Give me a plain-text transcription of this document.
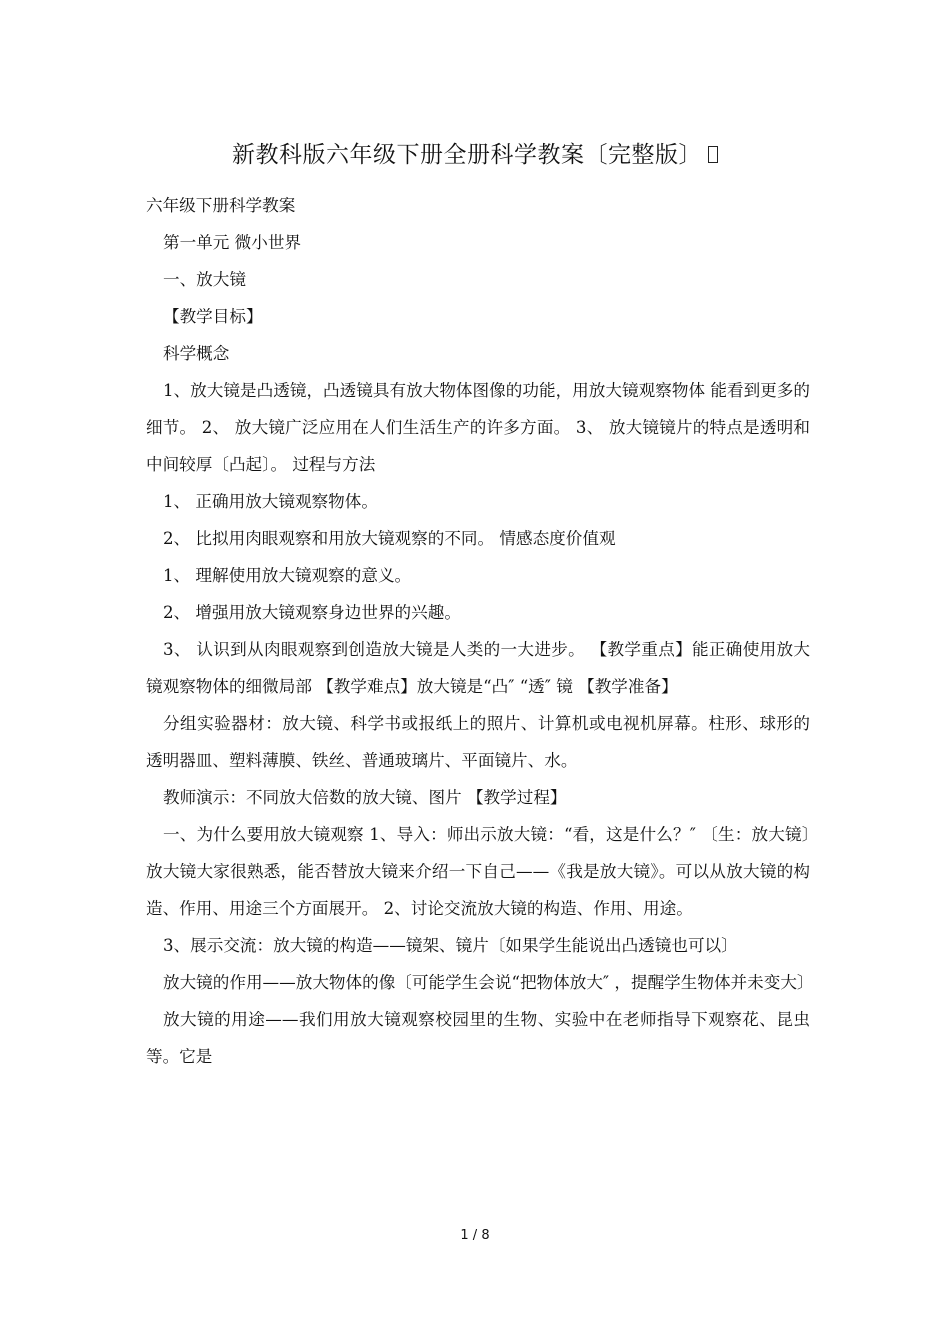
新教科版六年级下册全册科学教案〔完整版〕

六年级下册科学教案

第一单元 微小世界

一、放大镜

【教学目标】

科学概念

1、放大镜是凸透镜，凸透镜具有放大物体图像的功能，用放大镜观察物体 能看到更多的细节。 2、 放大镜广泛应用在人们生活生产的许多方面。 3、 放大镜镜片的特点是透明和中间较厚〔凸起〕。 过程与方法

1、 正确用放大镜观察物体。

2、 比拟用肉眼观察和用放大镜观察的不同。 情感态度价值观

1、 理解使用放大镜观察的意义。

2、 增强用放大镜观察身边世界的兴趣。

3、 认识到从肉眼观察到创造放大镜是人类的一大进步。 【教学重点】能正确使用放大镜观察物体的细微局部 【教学难点】放大镜是“凸″ “透″ 镜 【教学准备】

分组实验器材：放大镜、科学书或报纸上的照片、计算机或电视机屏幕。柱形、球形的透明器皿、塑料薄膜、铁丝、普通玻璃片、平面镜片、水。

教师演示：不同放大倍数的放大镜、图片 【教学过程】

一、为什么要用放大镜观察 1、导入：师出示放大镜：“看，这是什么？″ 〔生：放大镜〕放大镜大家很熟悉，能否替放大镜来介绍一下自己——《我是放大镜》。可以从放大镜的构造、作用、用途三个方面展开。 2、讨论交流放大镜的构造、作用、用途。

3、展示交流：放大镜的构造——镜架、镜片〔如果学生能说出凸透镜也可以〕

放大镜的作用——放大物体的像〔可能学生会说“把物体放大″ ，提醒学生物体并未变大〕

放大镜的用途——我们用放大镜观察校园里的生物、实验中在老师指导下观察花、昆虫等。它是

1 / 8
